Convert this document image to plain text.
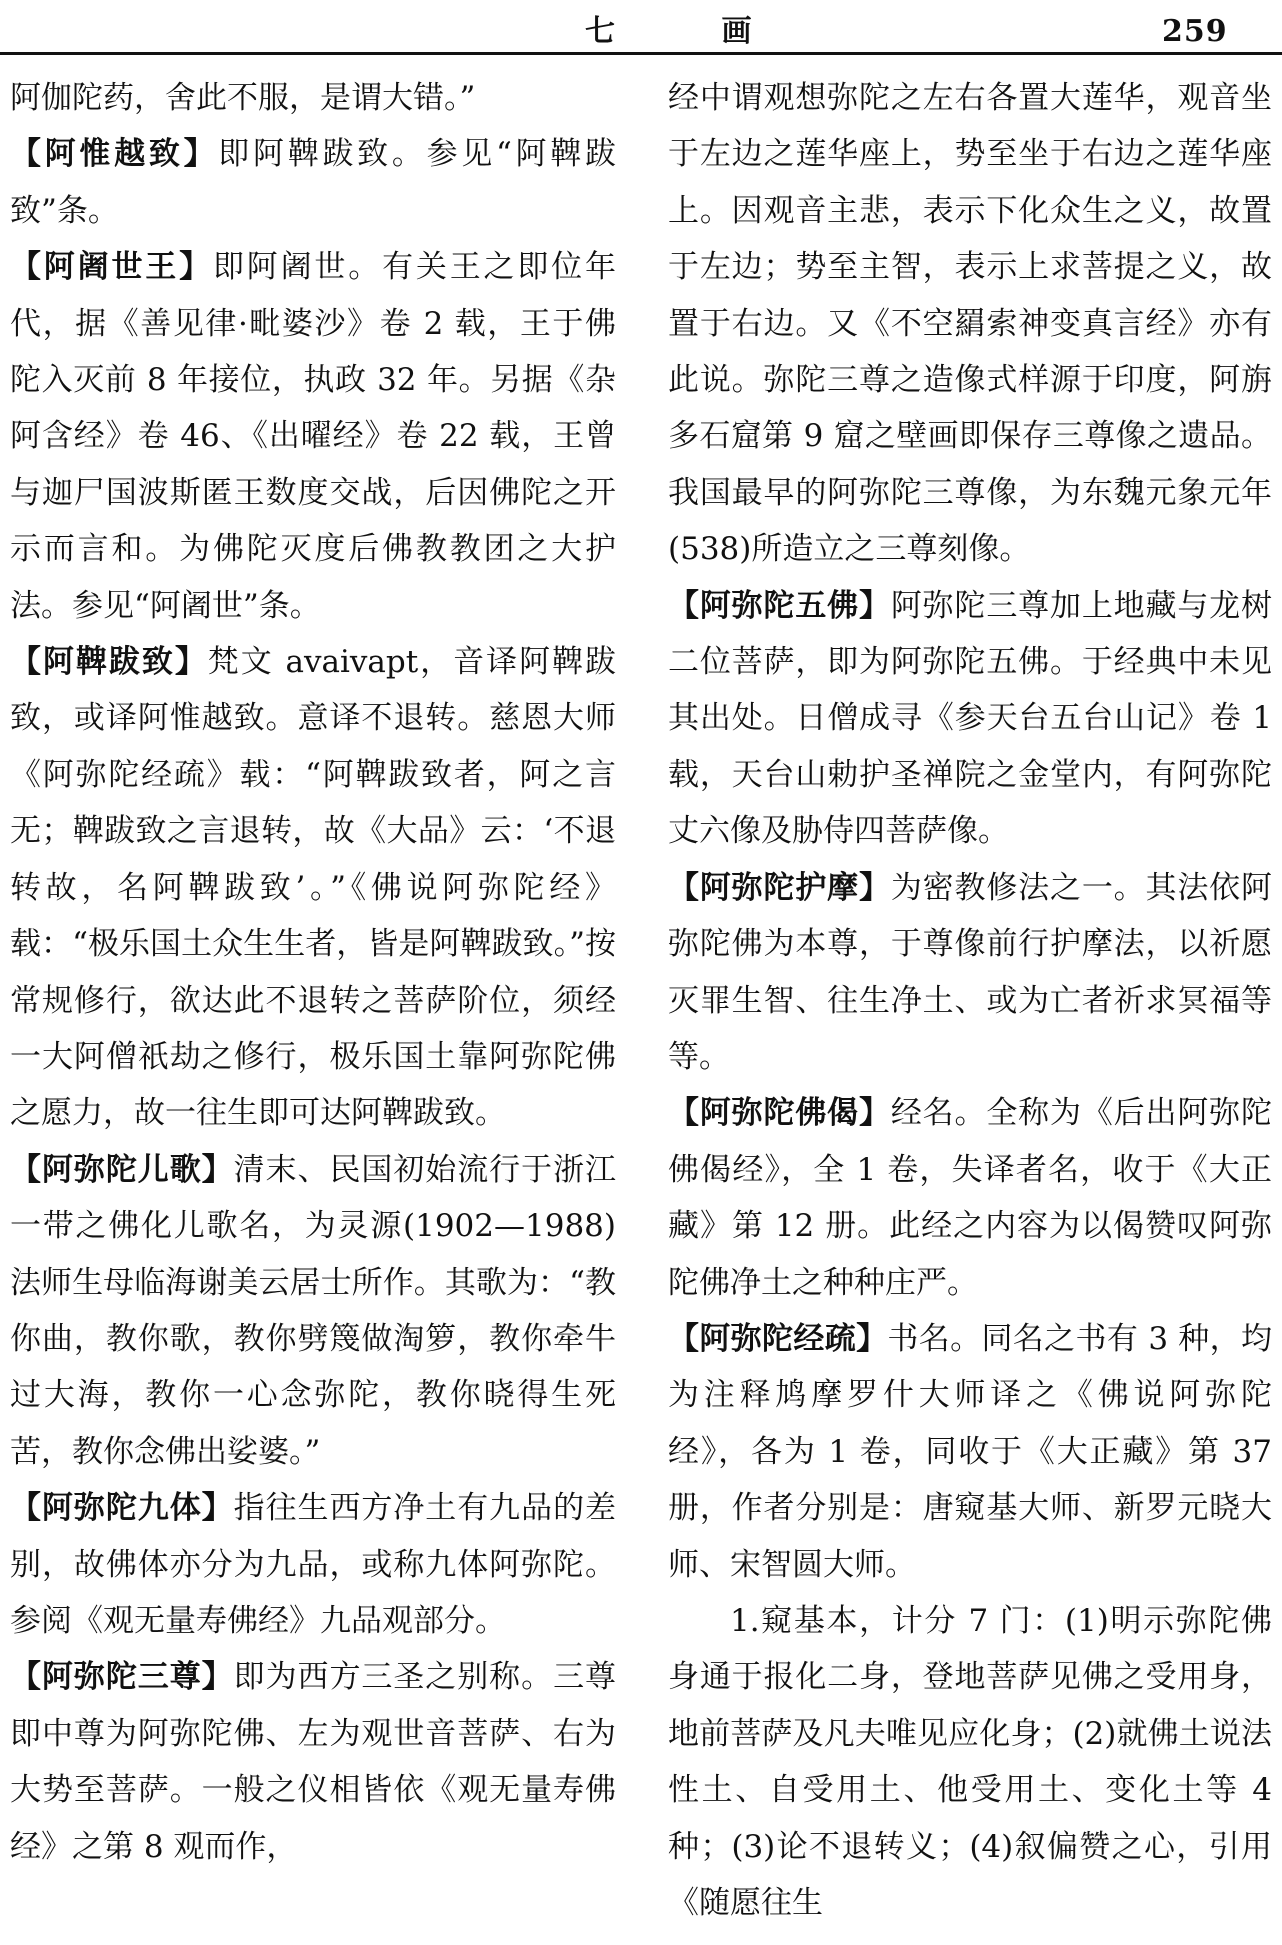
七 画	259

阿伽陀药，舍此不服，是谓大错。”

【阿惟越致】即阿鞞跋致。参见“阿鞞跋致”条。

【阿阇世王】即阿阇世。有关王之即位年代，据《善见律·毗婆沙》卷 2 载，王于佛陀入灭前 8 年接位，执政 32 年。另据《杂阿含经》卷 46、《出曜经》卷 22 载，王曾与迦尸国波斯匿王数度交战，后因佛陀之开示而言和。为佛陀灭度后佛教教团之大护法。参见“阿阇世”条。

【阿鞞跋致】梵文 avaivapt，音译阿鞞跋致，或译阿惟越致。意译不退转。慈恩大师《阿弥陀经疏》载：“阿鞞跋致者，阿之言无；鞞跋致之言退转，故《大品》云：‘不退转故，名阿鞞跋致’。”《佛说阿弥陀经》载：“极乐国土众生生者，皆是阿鞞跋致。”按常规修行，欲达此不退转之菩萨阶位，须经一大阿僧祇劫之修行，极乐国土靠阿弥陀佛之愿力，故一往生即可达阿鞞跋致。

【阿弥陀儿歌】清末、民国初始流行于浙江一带之佛化儿歌名，为灵源(1902—1988)法师生母临海谢美云居士所作。其歌为：“教你曲，教你歌，教你劈篾做淘箩，教你牵牛过大海，教你一心念弥陀，教你晓得生死苦，教你念佛出娑婆。”

【阿弥陀九体】指往生西方净土有九品的差别，故佛体亦分为九品，或称九体阿弥陀。参阅《观无量寿佛经》九品观部分。

【阿弥陀三尊】即为西方三圣之别称。三尊即中尊为阿弥陀佛、左为观世音菩萨、右为大势至菩萨。一般之仪相皆依《观无量寿佛经》之第 8 观而作，

经中谓观想弥陀之左右各置大莲华，观音坐于左边之莲华座上，势至坐于右边之莲华座上。因观音主悲，表示下化众生之义，故置于左边；势至主智，表示上求菩提之义，故置于右边。又《不空羂索神变真言经》亦有此说。弥陀三尊之造像式样源于印度，阿旃多石窟第 9 窟之壁画即保存三尊像之遗品。我国最早的阿弥陀三尊像，为东魏元象元年(538)所造立之三尊刻像。

【阿弥陀五佛】阿弥陀三尊加上地藏与龙树二位菩萨，即为阿弥陀五佛。于经典中未见其出处。日僧成寻《参天台五台山记》卷 1 载，天台山勅护圣禅院之金堂内，有阿弥陀丈六像及胁侍四菩萨像。

【阿弥陀护摩】为密教修法之一。其法依阿弥陀佛为本尊，于尊像前行护摩法，以祈愿灭罪生智、往生净土、或为亡者祈求冥福等等。

【阿弥陀佛偈】经名。全称为《后出阿弥陀佛偈经》，全 1 卷，失译者名，收于《大正藏》第 12 册。此经之内容为以偈赞叹阿弥陀佛净土之种种庄严。

【阿弥陀经疏】书名。同名之书有 3 种，均为注释鸠摩罗什大师译之《佛说阿弥陀经》，各为 1 卷，同收于《大正藏》第 37 册，作者分别是：唐窥基大师、新罗元晓大师、宋智圆大师。

1.窥基本，计分 7 门：(1)明示弥陀佛身通于报化二身，登地菩萨见佛之受用身，地前菩萨及凡夫唯见应化身；(2)就佛土说法性土、自受用土、他受用土、变化土等 4 种；(3)论不退转义；(4)叙偏赞之心，引用《随愿往生
